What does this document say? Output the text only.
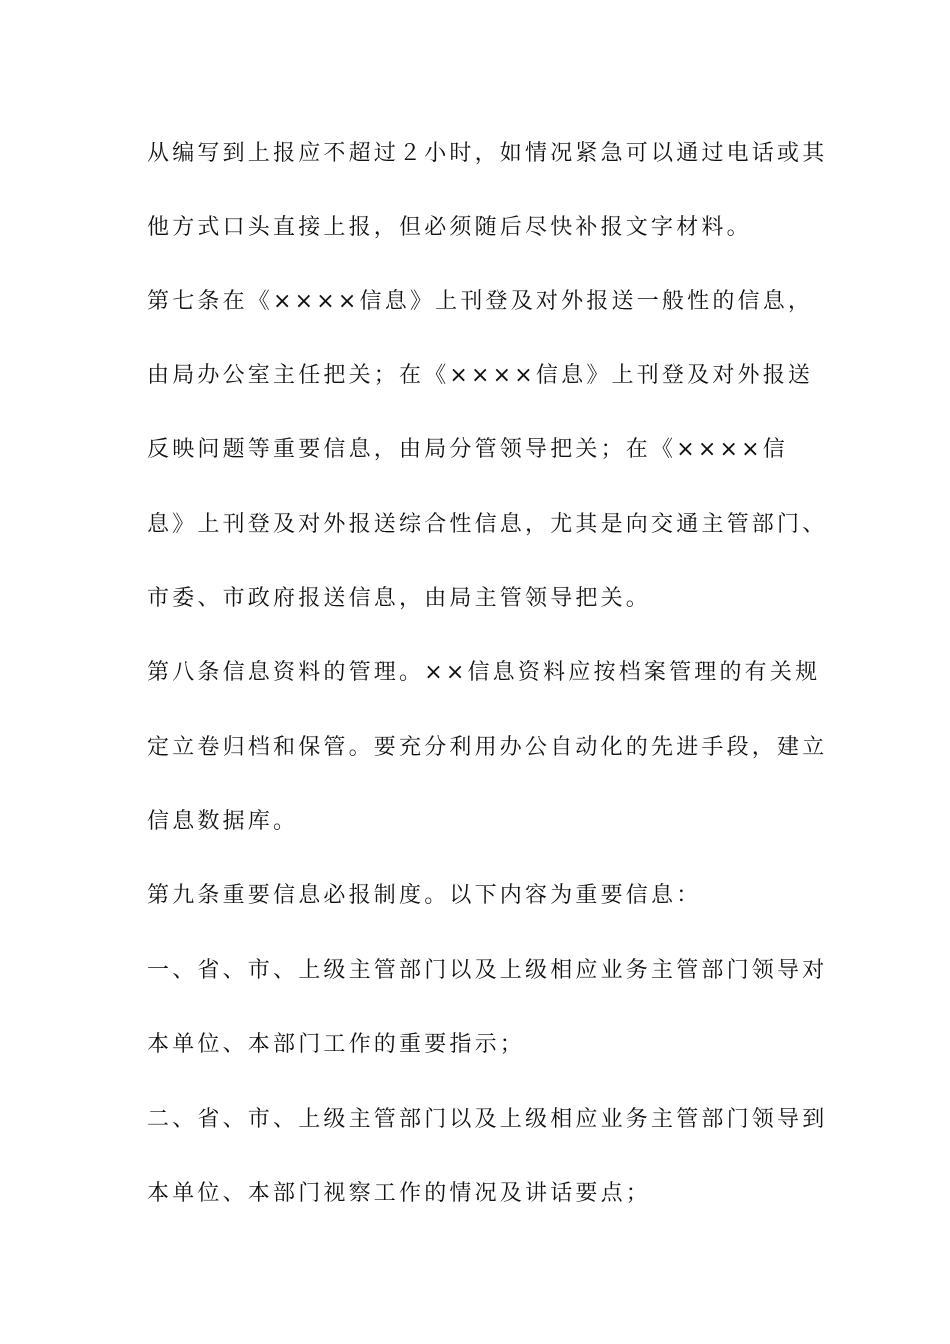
从编写到上报应不超过２小时，如情况紧急可以通过电话或其
他方式口头直接上报，但必须随后尽快补报文字材料。
第七条在《××××信息》上刊登及对外报送一般性的信息，
由局办公室主任把关；在《××××信息》上刊登及对外报送
反映问题等重要信息，由局分管领导把关；在《××××信
息》上刊登及对外报送综合性信息，尤其是向交通主管部门、
市委、市政府报送信息，由局主管领导把关。
第八条信息资料的管理。××信息资料应按档案管理的有关规
定立卷归档和保管。要充分利用办公自动化的先进手段，建立
信息数据库。
第九条重要信息必报制度。以下内容为重要信息：
一、省、市、上级主管部门以及上级相应业务主管部门领导对
本单位、本部门工作的重要指示；
二、省、市、上级主管部门以及上级相应业务主管部门领导到
本单位、本部门视察工作的情况及讲话要点；
